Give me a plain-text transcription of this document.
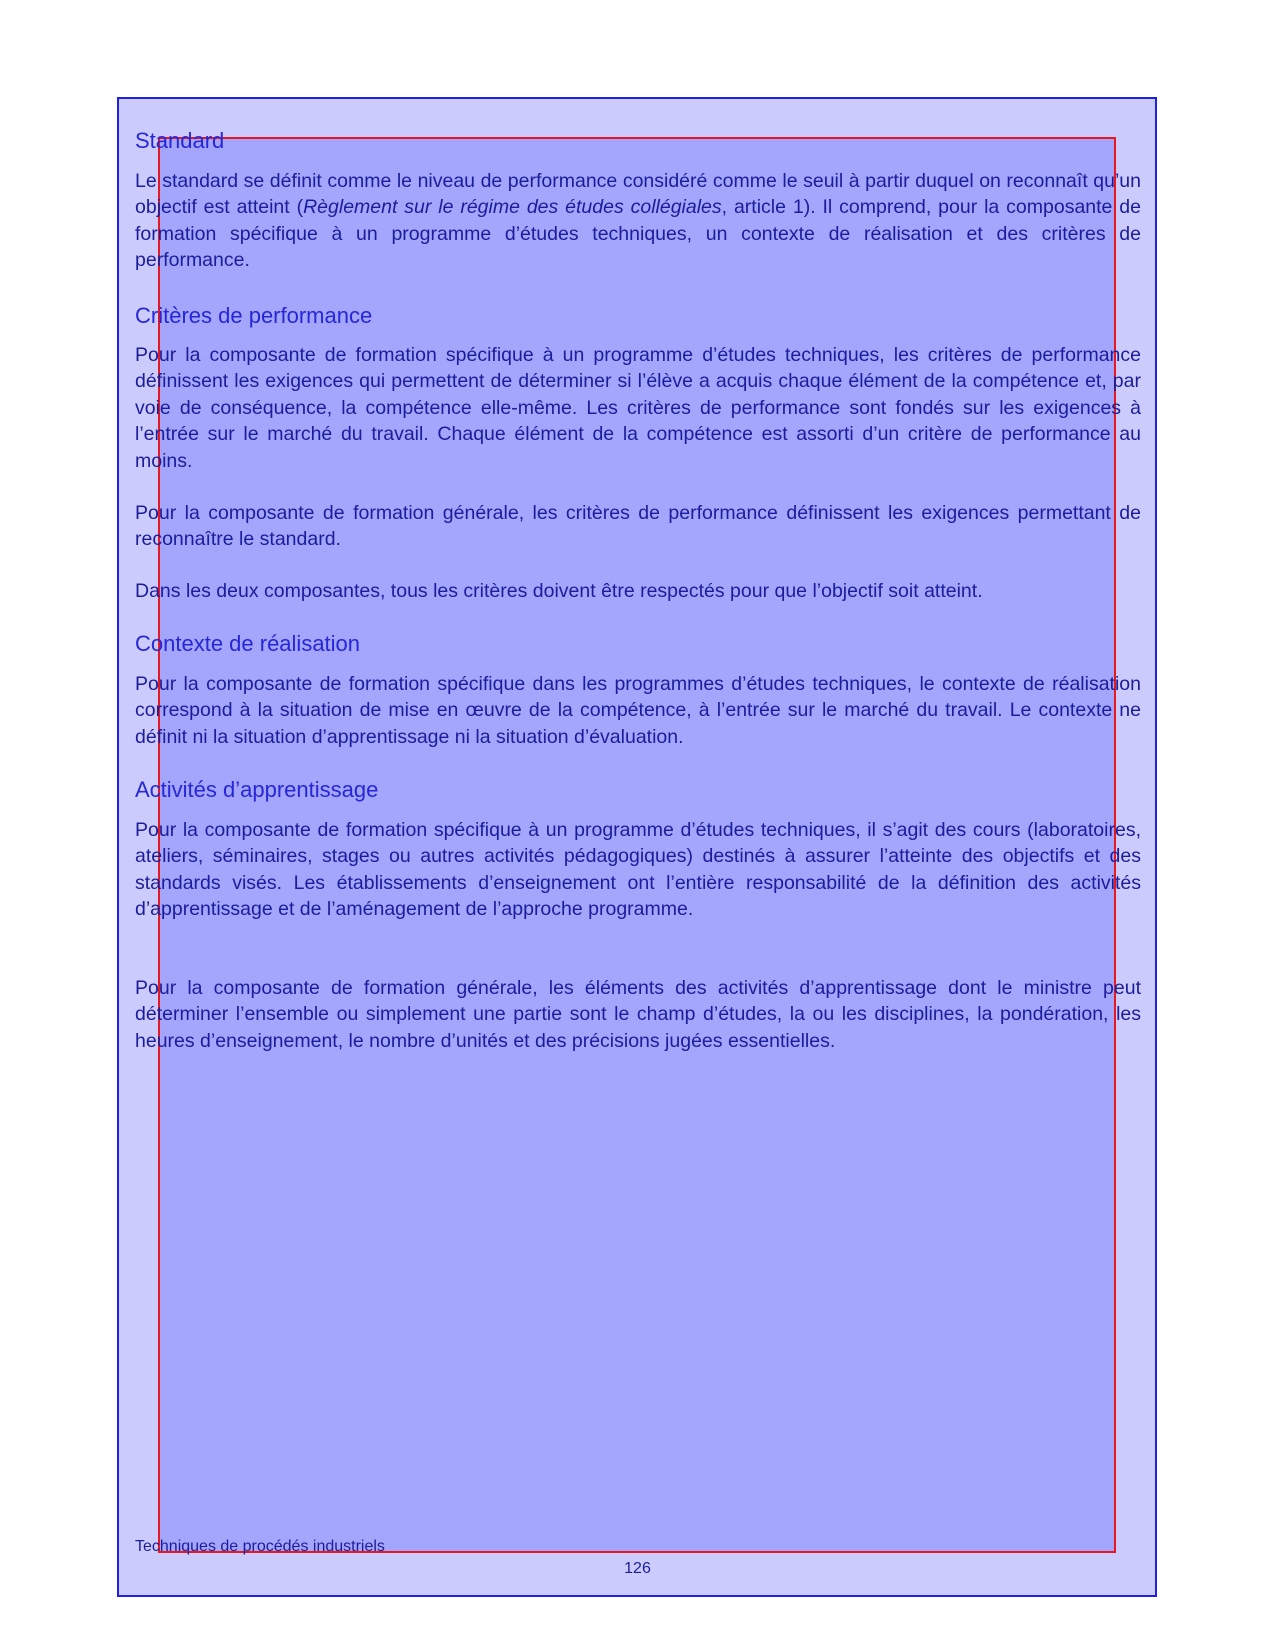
Standard
Le standard se définit comme le niveau de performance considéré comme le seuil à partir duquel on reconnaît qu’un objectif est atteint (Règlement sur le régime des études collégiales, article 1). Il comprend, pour la composante de formation spécifique à un programme d’études techniques, un contexte de réalisation et des critères de performance.
Critères de performance
Pour la composante de formation spécifique à un programme d’études techniques, les critères de performance définissent les exigences qui permettent de déterminer si l’élève a acquis chaque élément de la compétence et, par voie de conséquence, la compétence elle-même. Les critères de performance sont fondés sur les exigences à l’entrée sur le marché du travail. Chaque élément de la compétence est assorti d’un critère de performance au moins.
Pour la composante de formation générale, les critères de performance définissent les exigences permettant de reconnaître le standard.
Dans les deux composantes, tous les critères doivent être respectés pour que l’objectif soit atteint.
Contexte de réalisation
Pour la composante de formation spécifique dans les programmes d’études techniques, le contexte de réalisation correspond à la situation de mise en œuvre de la compétence, à l’entrée sur le marché du travail. Le contexte ne définit ni la situation d’apprentissage ni la situation d’évaluation.
Activités d’apprentissage
Pour la composante de formation spécifique à un programme d’études techniques, il s’agit des cours (laboratoires, ateliers, séminaires, stages ou autres activités pédagogiques) destinés à assurer l’atteinte des objectifs et des standards visés. Les établissements d’enseignement ont l’entière responsabilité de la définition des activités d’apprentissage et de l’aménagement de l’approche programme.
Pour la composante de formation générale, les éléments des activités d’apprentissage dont le ministre peut déterminer l’ensemble ou simplement une partie sont le champ d’études, la ou les disciplines, la pondération, les heures d’enseignement, le nombre d’unités et des précisions jugées essentielles.
Techniques de procédés industriels
126
